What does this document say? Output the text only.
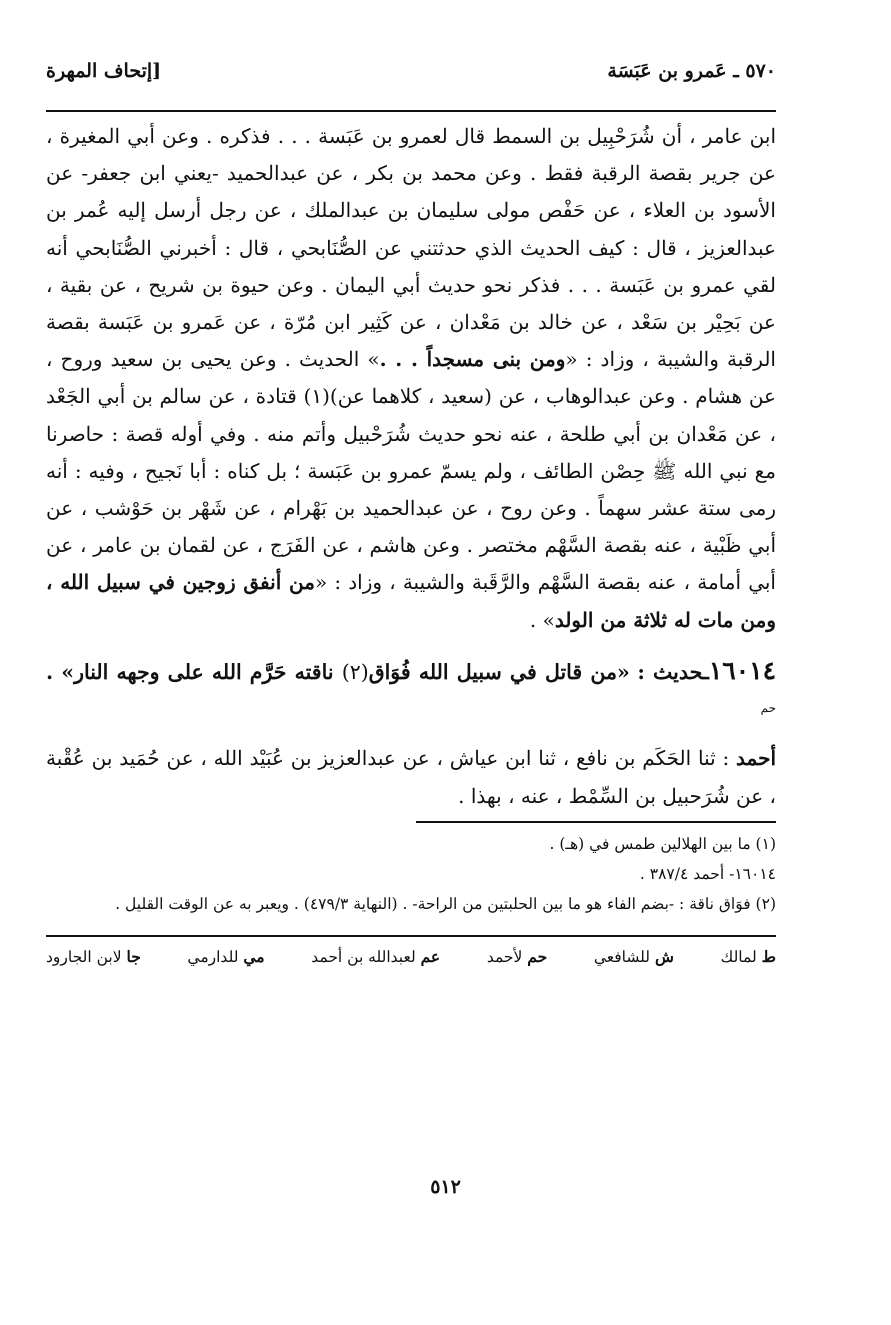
٥٧٠ ـ عَمرو بن عَبَسَة
[إتحاف المهرة

ابن عامر ، أن شُرَحْبِيل بن السمط قال لعمرو بن عَبَسة . . . فذكره . وعن أبي المغيرة ، عن جرير بقصة الرقبة فقط . وعن محمد بن بكر ، عن عبدالحميد -يعني ابن جعفر- عن الأسود بن العلاء ، عن حَفْص مولى سليمان بن عبدالملك ، عن رجل أرسل إليه عُمر بن عبدالعزيز ، قال : كيف الحديث الذي حدثتني عن الصُّنَابحي ، قال : أخبرني الصُّنَابحي أنه لقي عمرو بن عَبَسة . . . فذكر نحو حديث أبي اليمان . وعن حيوة بن شريح ، عن بقية ، عن بَحِيْر بن سَعْد ، عن خالد بن مَعْدان ، عن كَثِير ابن مُرّة ، عن عَمرو بن عَبَسة بقصة الرقبة والشيبة ، وزاد : «ومن بنى مسجداً . . .» الحديث . وعن يحيى بن سعيد وروح ، عن هشام . وعن عبدالوهاب ، عن (سعيد ، كلاهما عن)(١) قتادة ، عن سالم بن أبي الجَعْد ، عن مَعْدان بن أبي طلحة ، عنه نحو حديث شُرَحْبيل وأتم منه . وفي أوله قصة : حاصرنا مع نبي الله ﷺ حِصْن الطائف ، ولم يسمّ عمرو بن عَبَسة ؛ بل كناه : أبا نَجيح ، وفيه : أنه رمى ستة عشر سهماً . وعن روح ، عن عبدالحميد بن بَهْرام ، عن شَهْر بن حَوْشب ، عن أبي ظَبْية ، عنه بقصة السَّهْم مختصر . وعن هاشم ، عن الفَرَج ، عن لقمان بن عامر ، عن أبي أمامة ، عنه بقصة السَّهْم والرَّقَبة والشيبة ، وزاد : «من أنفق زوجين في سبيل الله ، ومن مات له ثلاثة من الولد» .

١٦٠١٤ـحديث : «من قاتل في سبيل الله فُوَاق(٢) ناقته حَرَّم الله على وجهه النار» . $^{حم}$
أحمد : ثنا الحَكَم بن نافع ، ثنا ابن عياش ، عن عبدالعزيز بن عُبَيْد الله ، عن حُمَيد بن عُقْبة ، عن شُرَحبيل بن السِّمْط ، عنه ، بهذا .

(١) ما بين الهلالين طمس في (هـ) .

١٦٠١٤- أحمد ٣٨٧/٤ .

(٢) فوَاق ناقة : -بضم الفاء هو ما بين الحلبتين من الراحة- . (النهاية ٤٧٩/٣) . ويعبر به عن الوقت القليل .

ط لمالك
ش للشافعي
حم لأحمد
عم لعبدالله بن أحمد
مي للدارمي
جا لابن الجارود
٥١٢
